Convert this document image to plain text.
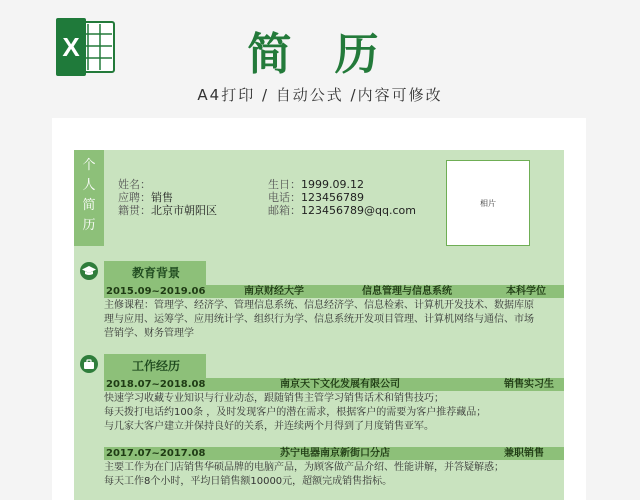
X	简 历
A4打印 / 自动公式 /内容可修改
个
人
简
历
姓名：
应聘：销售
籍贯：北京市朝阳区
生日：1999.09.12
电话：123456789
邮箱：123456789@qq.com
相片
教育背景
2015.09~2019.06	南京财经大学	信息管理与信息系统	本科学位
主修课程：管理学、经济学、管理信息系统、信息经济学、信息检索、计算机开发技术、数据库原
理与应用、运筹学、应用统计学、组织行为学、信息系统开发项目管理、计算机网络与通信、市场
营销学、财务管理学
工作经历
2018.07~2018.08	南京天下文化发展有限公司	销售实习生
快速学习收藏专业知识与行业动态，跟随销售主管学习销售话术和销售技巧；
每天拨打电话约100条 ，及时发现客户的潜在需求，根据客户的需要为客户推荐藏品；
与几家大客户建立并保持良好的关系，并连续两个月得到了月度销售亚军。
2017.07~2017.08	苏宁电器南京新街口分店	兼职销售
主要工作为在门店销售华硕品牌的电脑产品，为顾客做产品介绍、性能讲解，并答疑解惑；
每天工作8个小时，平均日销售额10000元，超额完成销售指标。
